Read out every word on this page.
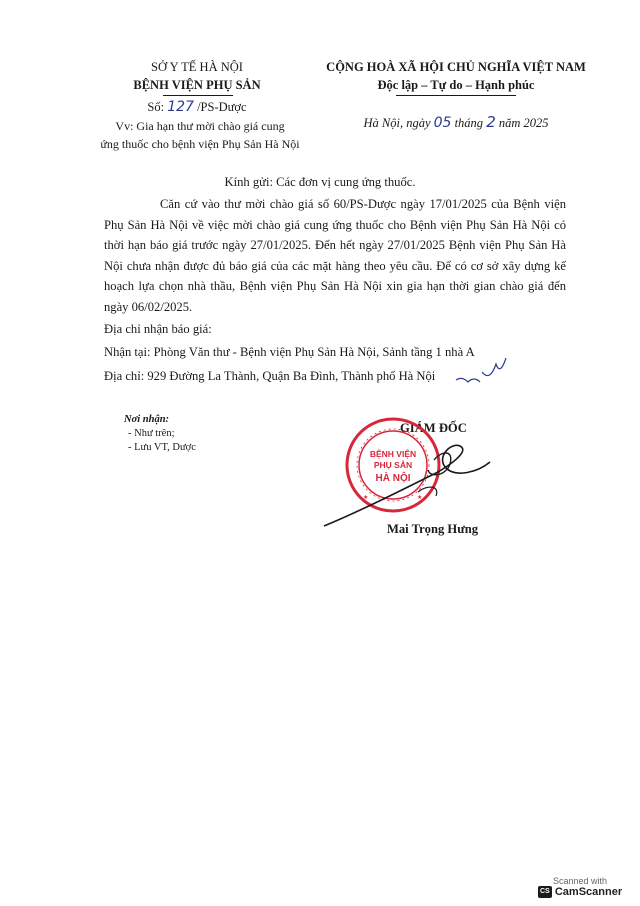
SỞ Y TẾ HÀ NỘI
BỆNH VIỆN PHỤ SẢN
Số: 127 /PS-Dược
Vv: Gia hạn thư mời chào giá cung
ứng thuốc cho bệnh viện Phụ Sản Hà Nội
CỘNG HOÀ XÃ HỘI CHỦ NGHĨA VIỆT NAM
Độc lập – Tự do – Hạnh phúc
Hà Nội, ngày 05 tháng 2 năm 2025
Kính gửi: Các đơn vị cung ứng thuốc.
Căn cứ vào thư mời chào giá số 60/PS-Dược ngày 17/01/2025 của Bệnh viện Phụ Sản Hà Nội về việc mời chào giá cung ứng thuốc cho Bệnh viện Phụ Sản Hà Nội có thời hạn báo giá trước ngày 27/01/2025. Đến hết ngày 27/01/2025 Bệnh viện Phụ Sản Hà Nội chưa nhận được đủ báo giá của các mặt hàng theo yêu cầu. Để có cơ sở xây dựng kế hoạch lựa chọn nhà thầu, Bệnh viện Phụ Sản Hà Nội xin gia hạn thời gian chào giá đến ngày 06/02/2025.
Địa chỉ nhận báo giá:
Nhận tại: Phòng Văn thư - Bệnh viện Phụ Sản Hà Nội, Sảnh tầng 1 nhà A
Địa chỉ: 929 Đường La Thành, Quận Ba Đình, Thành phố Hà Nội
Nơi nhận:
- Như trên;
- Lưu VT, Dược
GIÁM ĐỐC
BỆNH VIỆN
PHỤ SẢN
HÀ NỘI
★	★
Mai Trọng Hưng
Scanned with
CS CamScanner
